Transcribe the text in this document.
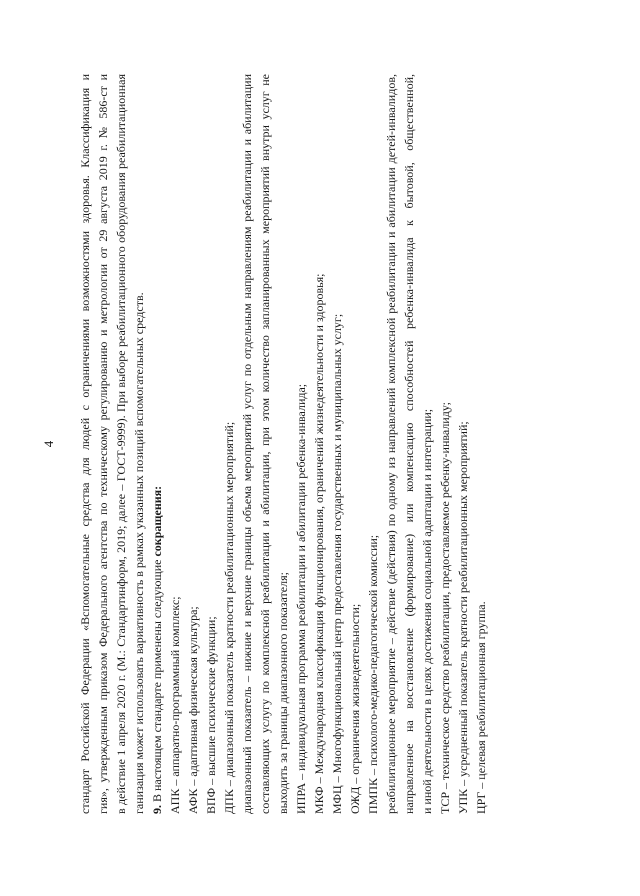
4
стандарт Российской Федерации «Вспомогательные средства для людей с ограничениями возможностями здоровья. Классификация и
гия», утвержденным приказом Федерального агентства по техническому регулированию и метрологии от 29 августа 2019 г. № 586-ст и
в действие 1 апреля 2020 г. (М.: Стандартинформ, 2019; далее – ГОСТ-9999). При выборе реабилитационного оборудования реабилитационная
ганизация может использовать вариативность в рамках указанных позиций вспомогательных средств. 9. В настоящем стандарте применены следующие сокращения:
АПК – аппаратно-программный комплекс; АФК – адаптивная физическая культура; ВПФ – высшие психические функции; ДПК – диапазонный показатель кратности реабилитационных мероприятий; диапазонный показатель – нижние и верхние границы объема мероприятий услуг по отдельным направлениям реабилитации и абилитации составляющих услугу по комплексной реабилитации и абилитации, при этом количество запланированных мероприятий внутри услуг не
выходить за границы диапазонного показателя; ИПРА – индивидуальная программа реабилитации и абилитации ребенка-инвалида; МКФ – Международная классификация функционирования, ограничений жизнедеятельности и здоровья; МФЦ – Многофункциональный центр предоставления государственных и муниципальных услуг; ОЖД – ограничения жизнедеятельности; ПМПК – психолого-медико-педагогической комиссии; реабилитационное мероприятие – действие (действия) по одному из направлений комплексной реабилитации и абилитации детей-инвалидов, направленное на восстановление (формирование) или компенсацию способностей ребенка-инвалида к бытовой, общественной,
и иной деятельности в целях достижения социальной адаптации и интеграции; ТСР – техническое средство реабилитации, предоставляемое ребенку-инвалиду; УПК – усредненный показатель кратности реабилитационных мероприятий; ЦРГ – целевая реабилитационная группа.
